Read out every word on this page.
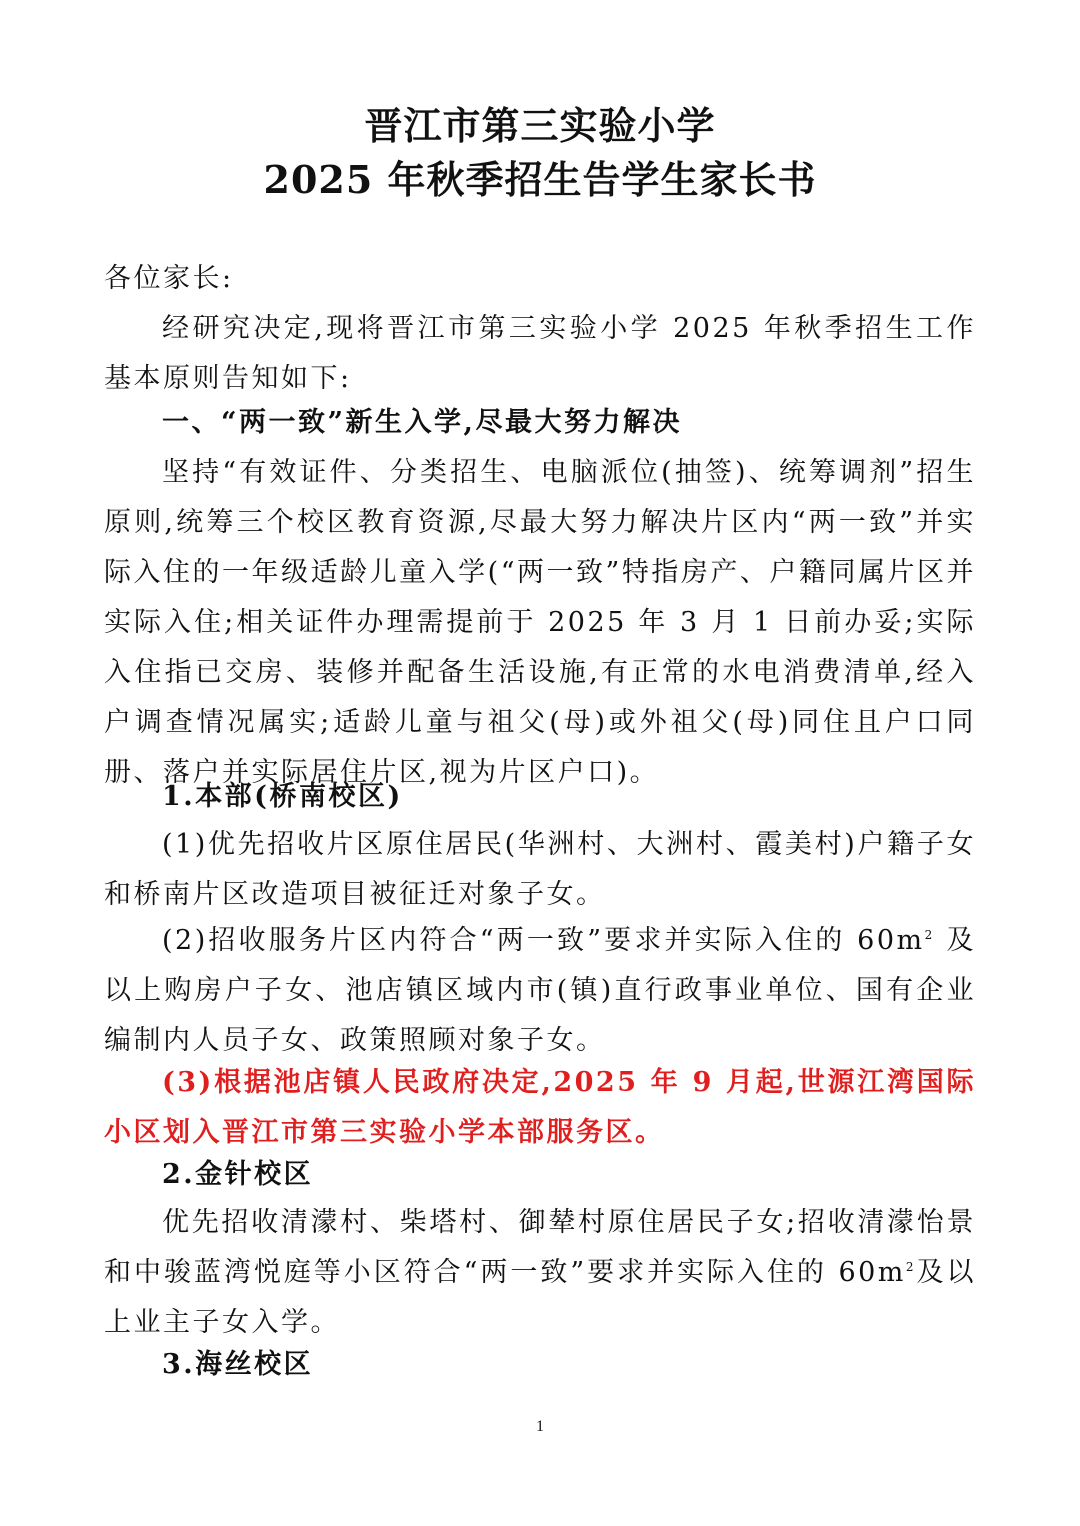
晋江市第三实验小学
2025 年秋季招生告学生家长书
各位家长:
经研究决定,现将晋江市第三实验小学 2025 年秋季招生工作基本原则告知如下:
一、“两一致”新生入学,尽最大努力解决
坚持“有效证件、分类招生、电脑派位(抽签)、统筹调剂”招生原则,统筹三个校区教育资源,尽最大努力解决片区内“两一致”并实际入住的一年级适龄儿童入学(“两一致”特指房产、户籍同属片区并实际入住;相关证件办理需提前于 2025 年 3 月 1 日前办妥;实际入住指已交房、装修并配备生活设施,有正常的水电消费清单,经入户调查情况属实;适龄儿童与祖父(母)或外祖父(母)同住且户口同册、落户并实际居住片区,视为片区户口)。
1.本部(桥南校区)
(1)优先招收片区原住居民(华洲村、大洲村、霞美村)户籍子女和桥南片区改造项目被征迁对象子女。
(2)招收服务片区内符合“两一致”要求并实际入住的 $60m^2$ 及以上购房户子女、池店镇区域内市(镇)直行政事业单位、国有企业编制内人员子女、政策照顾对象子女。
(3)根据池店镇人民政府决定,2025 年 9 月起,世源江湾国际小区划入晋江市第三实验小学本部服务区。
2.金针校区
优先招收清濛村、柴塔村、御辇村原住居民子女;招收清濛怡景和中骏蓝湾悦庭等小区符合“两一致”要求并实际入住的 $60m^2$及以上业主子女入学。
3.海丝校区
1
